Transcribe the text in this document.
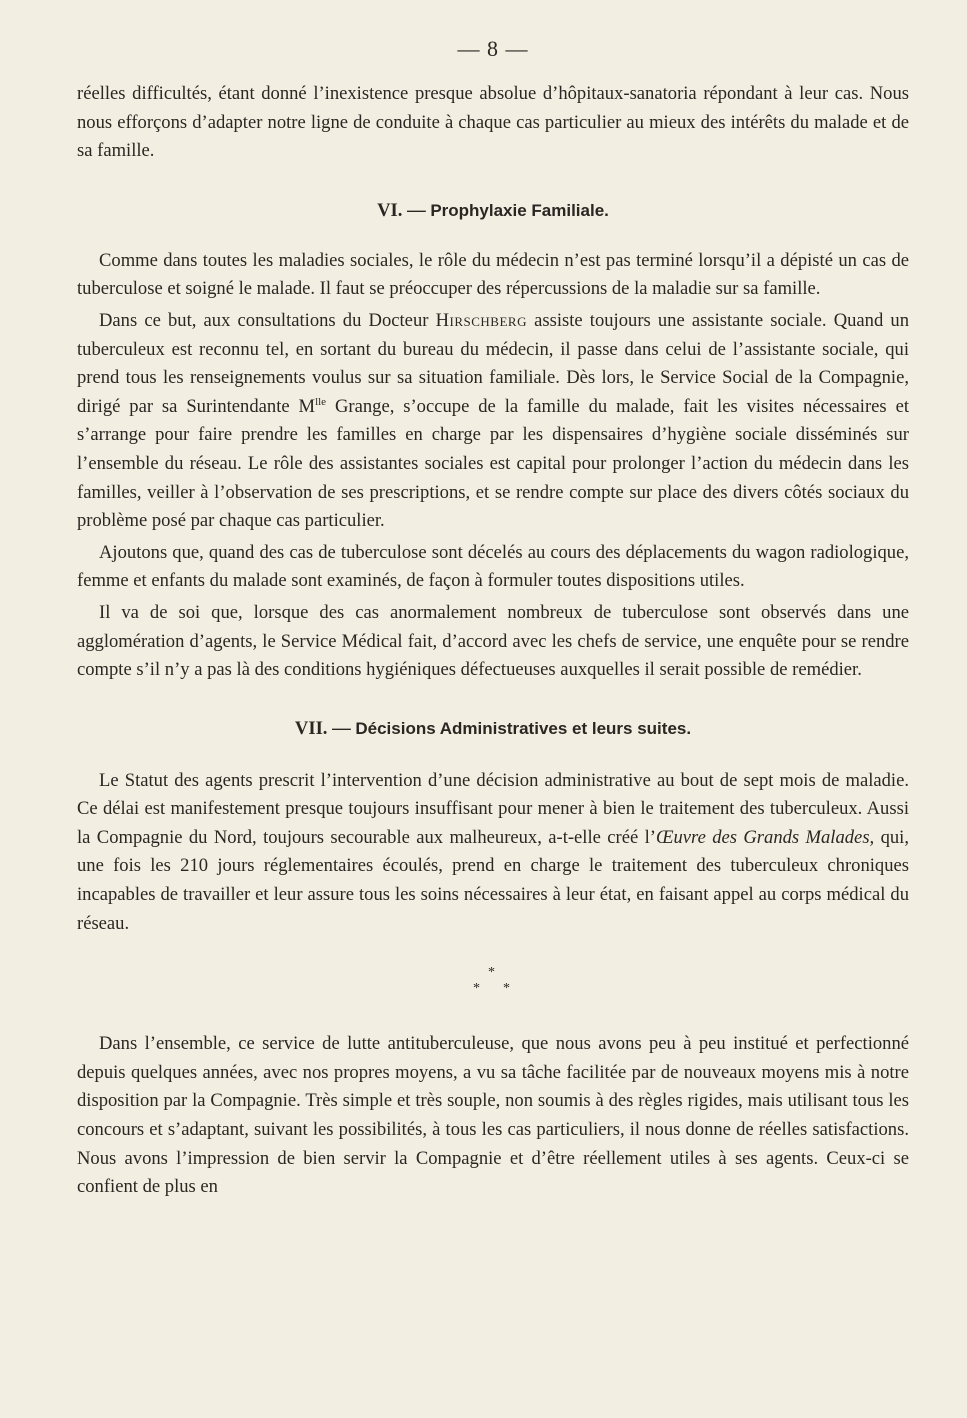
— 8 —

réelles difficultés, étant donné l’inexistence presque absolue d’hôpitaux-sanatoria répondant à leur cas. Nous nous efforçons d’adapter notre ligne de conduite à chaque cas particulier au mieux des intérêts du malade et de sa famille.

VI. — Prophylaxie Familiale.

Comme dans toutes les maladies sociales, le rôle du médecin n’est pas terminé lorsqu’il a dépisté un cas de tuberculose et soigné le malade. Il faut se préoccuper des répercussions de la maladie sur sa famille.

Dans ce but, aux consultations du Docteur Hirschberg assiste toujours une assistante sociale. Quand un tuberculeux est reconnu tel, en sortant du bureau du médecin, il passe dans celui de l’assistante sociale, qui prend tous les renseignements voulus sur sa situation familiale. Dès lors, le Service Social de la Compagnie, dirigé par sa Surintendante $M^{lle}$ Grange, s’occupe de la famille du malade, fait les visites nécessaires et s’arrange pour faire prendre les familles en charge par les dispensaires d’hygiène sociale disséminés sur l’ensemble du réseau. Le rôle des assistantes sociales est capital pour prolonger l’action du médecin dans les familles, veiller à l’observation de ses prescriptions, et se rendre compte sur place des divers côtés sociaux du problème posé par chaque cas particulier.

Ajoutons que, quand des cas de tuberculose sont décelés au cours des déplacements du wagon radiologique, femme et enfants du malade sont examinés, de façon à formuler toutes dispositions utiles.

Il va de soi que, lorsque des cas anormalement nombreux de tuberculose sont observés dans une agglomération d’agents, le Service Médical fait, d’accord avec les chefs de service, une enquête pour se rendre compte s’il n’y a pas là des conditions hygiéniques défectueuses auxquelles il serait possible de remédier.

VII. — Décisions Administratives et leurs suites.

Le Statut des agents prescrit l’intervention d’une décision administrative au bout de sept mois de maladie. Ce délai est manifestement presque toujours insuffisant pour mener à bien le traitement des tuberculeux. Aussi la Compagnie du Nord, toujours secourable aux malheureux, a-t-elle créé l’Œuvre des Grands Malades, qui, une fois les 210 jours réglementaires écoulés, prend en charge le traitement des tuberculeux chroniques incapables de travailler et leur assure tous les soins nécessaires à leur état, en faisant appel au corps médical du réseau.

*
* *

Dans l’ensemble, ce service de lutte antituberculeuse, que nous avons peu à peu institué et perfectionné depuis quelques années, avec nos propres moyens, a vu sa tâche facilitée par de nouveaux moyens mis à notre disposition par la Compagnie. Très simple et très souple, non soumis à des règles rigides, mais utilisant tous les concours et s’adaptant, suivant les possibilités, à tous les cas particuliers, il nous donne de réelles satisfactions. Nous avons l’impression de bien servir la Compagnie et d’être réellement utiles à ses agents. Ceux-ci se confient de plus en
